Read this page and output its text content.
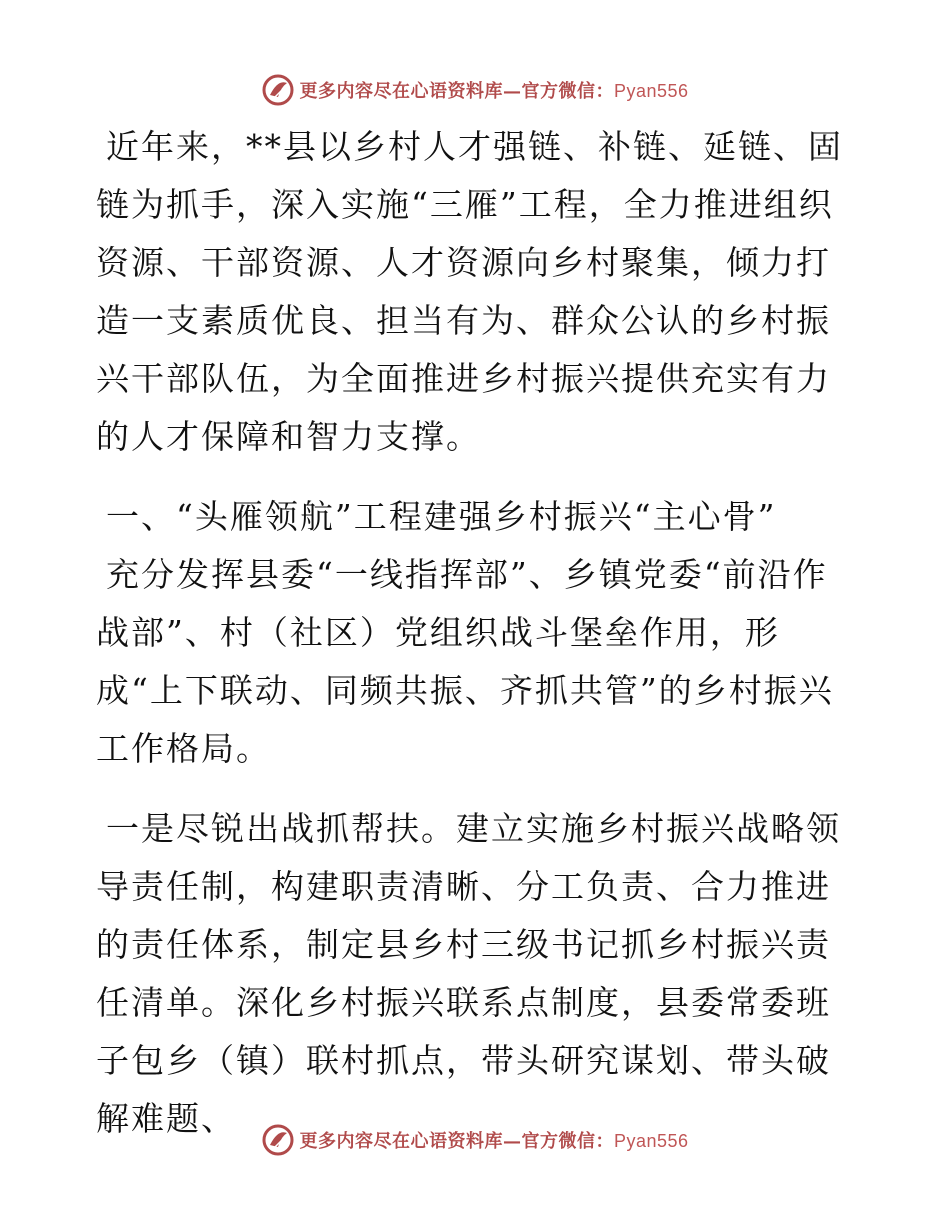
更多内容尽在心语资料库—官方微信：Pyan556

近年来，**县以乡村人才强链、补链、延链、固链为抓手，深入实施“三雁”工程，全力推进组织资源、干部资源、人才资源向乡村聚集，倾力打造一支素质优良、担当有为、群众公认的乡村振兴干部队伍，为全面推进乡村振兴提供充实有力的人才保障和智力支撑。

一、“头雁领航”工程建强乡村振兴“主心骨”

充分发挥县委“一线指挥部”、乡镇党委“前沿作战部”、村（社区）党组织战斗堡垒作用，形成“上下联动、同频共振、齐抓共管”的乡村振兴工作格局。

一是尽锐出战抓帮扶。建立实施乡村振兴战略领导责任制，构建职责清晰、分工负责、合力推进的责任体系，制定县乡村三级书记抓乡村振兴责任清单。深化乡村振兴联系点制度，县委常委班子包乡（镇）联村抓点，带头研究谋划、带头破解难题、

更多内容尽在心语资料库—官方微信：Pyan556
